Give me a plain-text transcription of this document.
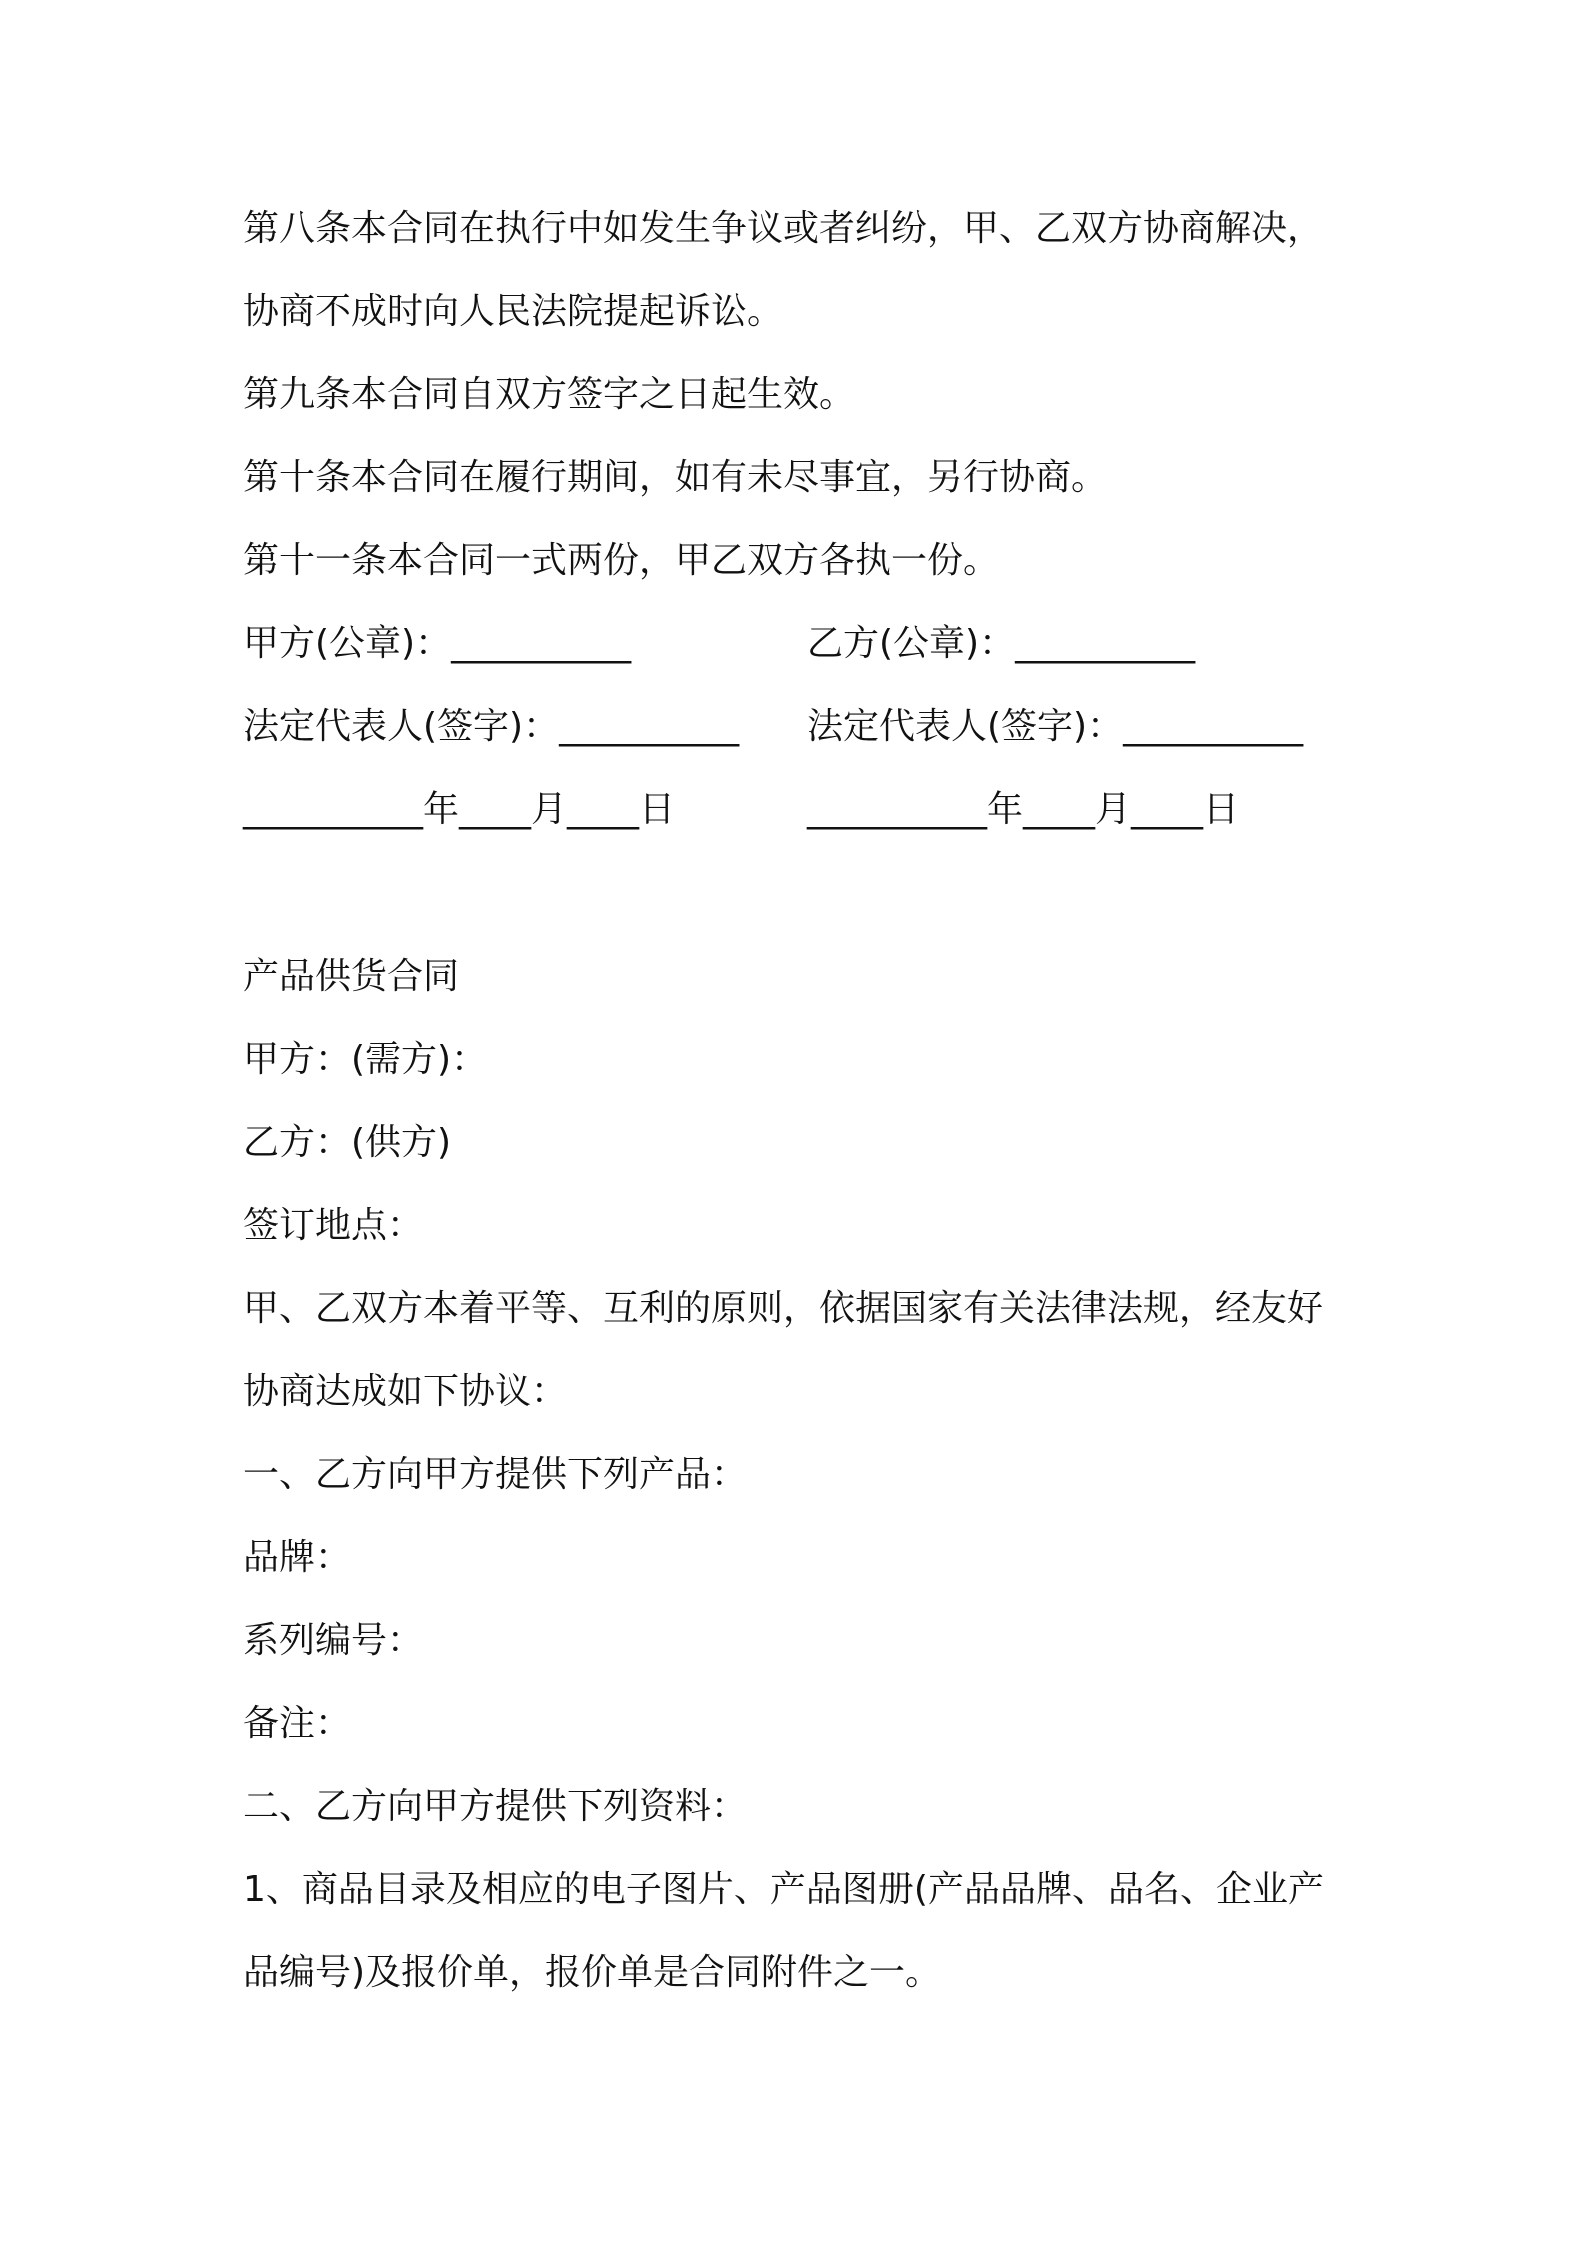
第八条本合同在执行中如发生争议或者纠纷，甲、乙双方协商解决，
协商不成时向人民法院提起诉讼。
第九条本合同自双方签字之日起生效。
第十条本合同在履行期间，如有未尽事宜，另行协商。
第十一条本合同一式两份，甲乙双方各执一份。
甲方(公章)：__________	乙方(公章)：__________
法定代表人(签字)：__________ 法定代表人(签字)：__________
__________年____月____日	__________年____月____日
产品供货合同
甲方：(需方)：
乙方：(供方)
签订地点：
甲、乙双方本着平等、互利的原则，依据国家有关法律法规，经友好
协商达成如下协议：
一、乙方向甲方提供下列产品：
品牌：
系列编号：
备注：
二、乙方向甲方提供下列资料：
1、商品目录及相应的电子图片、产品图册(产品品牌、品名、企业产
品编号)及报价单，报价单是合同附件之一。
